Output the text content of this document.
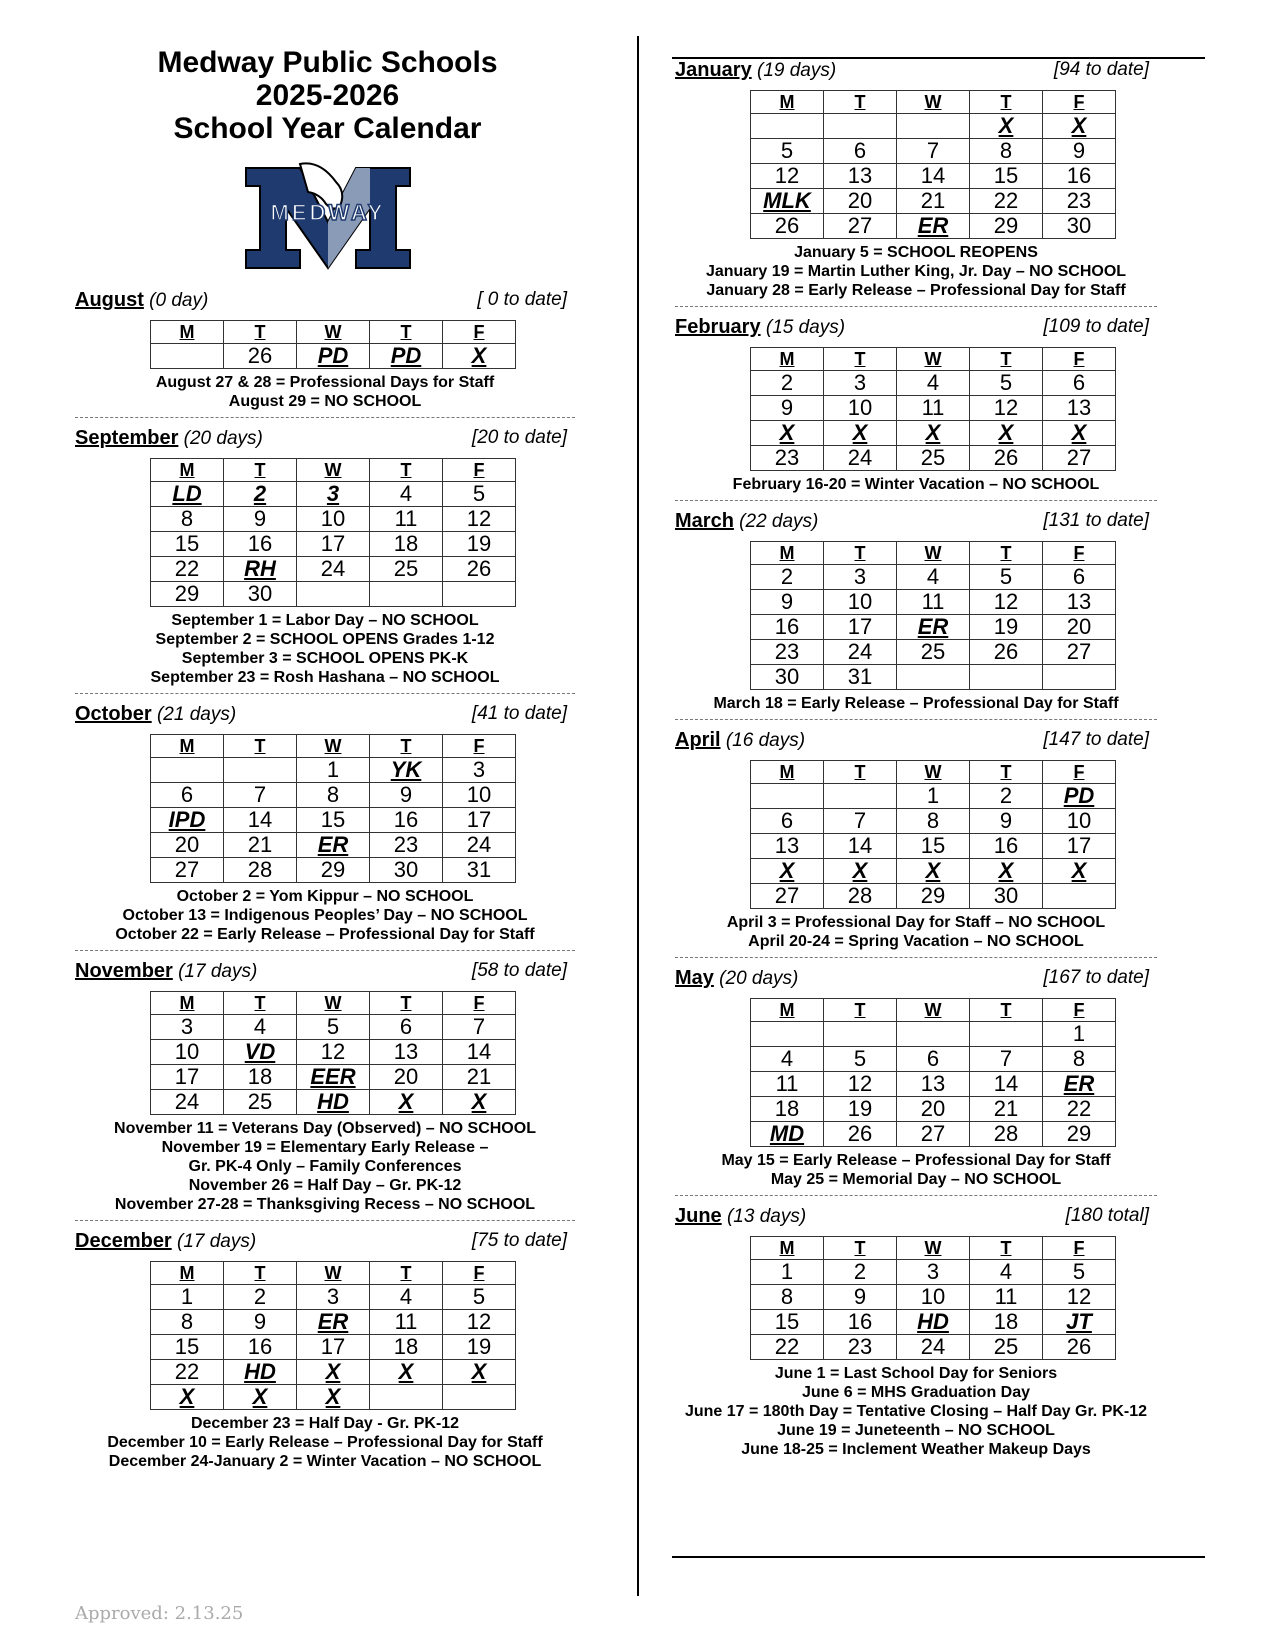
Medway Public Schools
2025-2026
School Year Calendar
MEDWAY
August (0 day)	[ 0 to date]
M	T	W	T	F
	26	PD	PD	X
August 27 & 28 = Professional Days for Staff
August 29 = NO SCHOOL
September (20 days)	[20 to date]
M	T	W	T	F
LD	2	3	4	5
8	9	10	11	12
15	16	17	18	19
22	RH	24	25	26
29	30			
September 1 = Labor Day – NO SCHOOL
September 2 = SCHOOL OPENS Grades 1-12
September 3 = SCHOOL OPENS PK-K
September 23 = Rosh Hashana – NO SCHOOL
October (21 days)	[41 to date]
M	T	W	T	F
		1	YK	3
6	7	8	9	10
IPD	14	15	16	17
20	21	ER	23	24
27	28	29	30	31
October 2 = Yom Kippur – NO SCHOOL
October 13 = Indigenous Peoples’ Day – NO SCHOOL
October 22 = Early Release – Professional Day for Staff
November (17 days)	[58 to date]
M	T	W	T	F
3	4	5	6	7
10	VD	12	13	14
17	18	EER	20	21
24	25	HD	X	X
November 11 = Veterans Day (Observed) – NO SCHOOL
November 19 = Elementary Early Release –
Gr. PK-4 Only – Family Conferences
November 26 = Half Day – Gr. PK-12
November 27-28 = Thanksgiving Recess – NO SCHOOL
December (17 days)	[75 to date]
M	T	W	T	F
1	2	3	4	5
8	9	ER	11	12
15	16	17	18	19
22	HD	X	X	X
X	X	X		
December 23 = Half Day - Gr. PK-12
December 10 = Early Release – Professional Day for Staff
December 24-January 2 = Winter Vacation – NO SCHOOL
January (19 days)	[94 to date]
M	T	W	T	F
			X	X
5	6	7	8	9
12	13	14	15	16
MLK	20	21	22	23
26	27	ER	29	30
January 5 = SCHOOL REOPENS
January 19 = Martin Luther King, Jr. Day – NO SCHOOL
January 28 = Early Release – Professional Day for Staff
February (15 days)	[109 to date]
M	T	W	T	F
2	3	4	5	6
9	10	11	12	13
X	X	X	X	X
23	24	25	26	27
February 16-20 = Winter Vacation – NO SCHOOL
March (22 days)	[131 to date]
M	T	W	T	F
2	3	4	5	6
9	10	11	12	13
16	17	ER	19	20
23	24	25	26	27
30	31			
March 18 = Early Release – Professional Day for Staff
April (16 days)	[147 to date]
M	T	W	T	F
		1	2	PD
6	7	8	9	10
13	14	15	16	17
X	X	X	X	X
27	28	29	30	
April 3 = Professional Day for Staff – NO SCHOOL
April 20-24 = Spring Vacation – NO SCHOOL
May (20 days)	[167 to date]
M	T	W	T	F
				1
4	5	6	7	8
11	12	13	14	ER
18	19	20	21	22
MD	26	27	28	29
May 15 = Early Release – Professional Day for Staff
May 25 = Memorial Day – NO SCHOOL
June (13 days)	[180 total]
M	T	W	T	F
1	2	3	4	5
8	9	10	11	12
15	16	HD	18	JT
22	23	24	25	26
June 1 = Last School Day for Seniors
June 6 = MHS Graduation Day
June 17 = 180th Day = Tentative Closing – Half Day Gr. PK-12
June 19 = Juneteenth – NO SCHOOL
June 18-25 = Inclement Weather Makeup Days
Approved: 2.13.25
